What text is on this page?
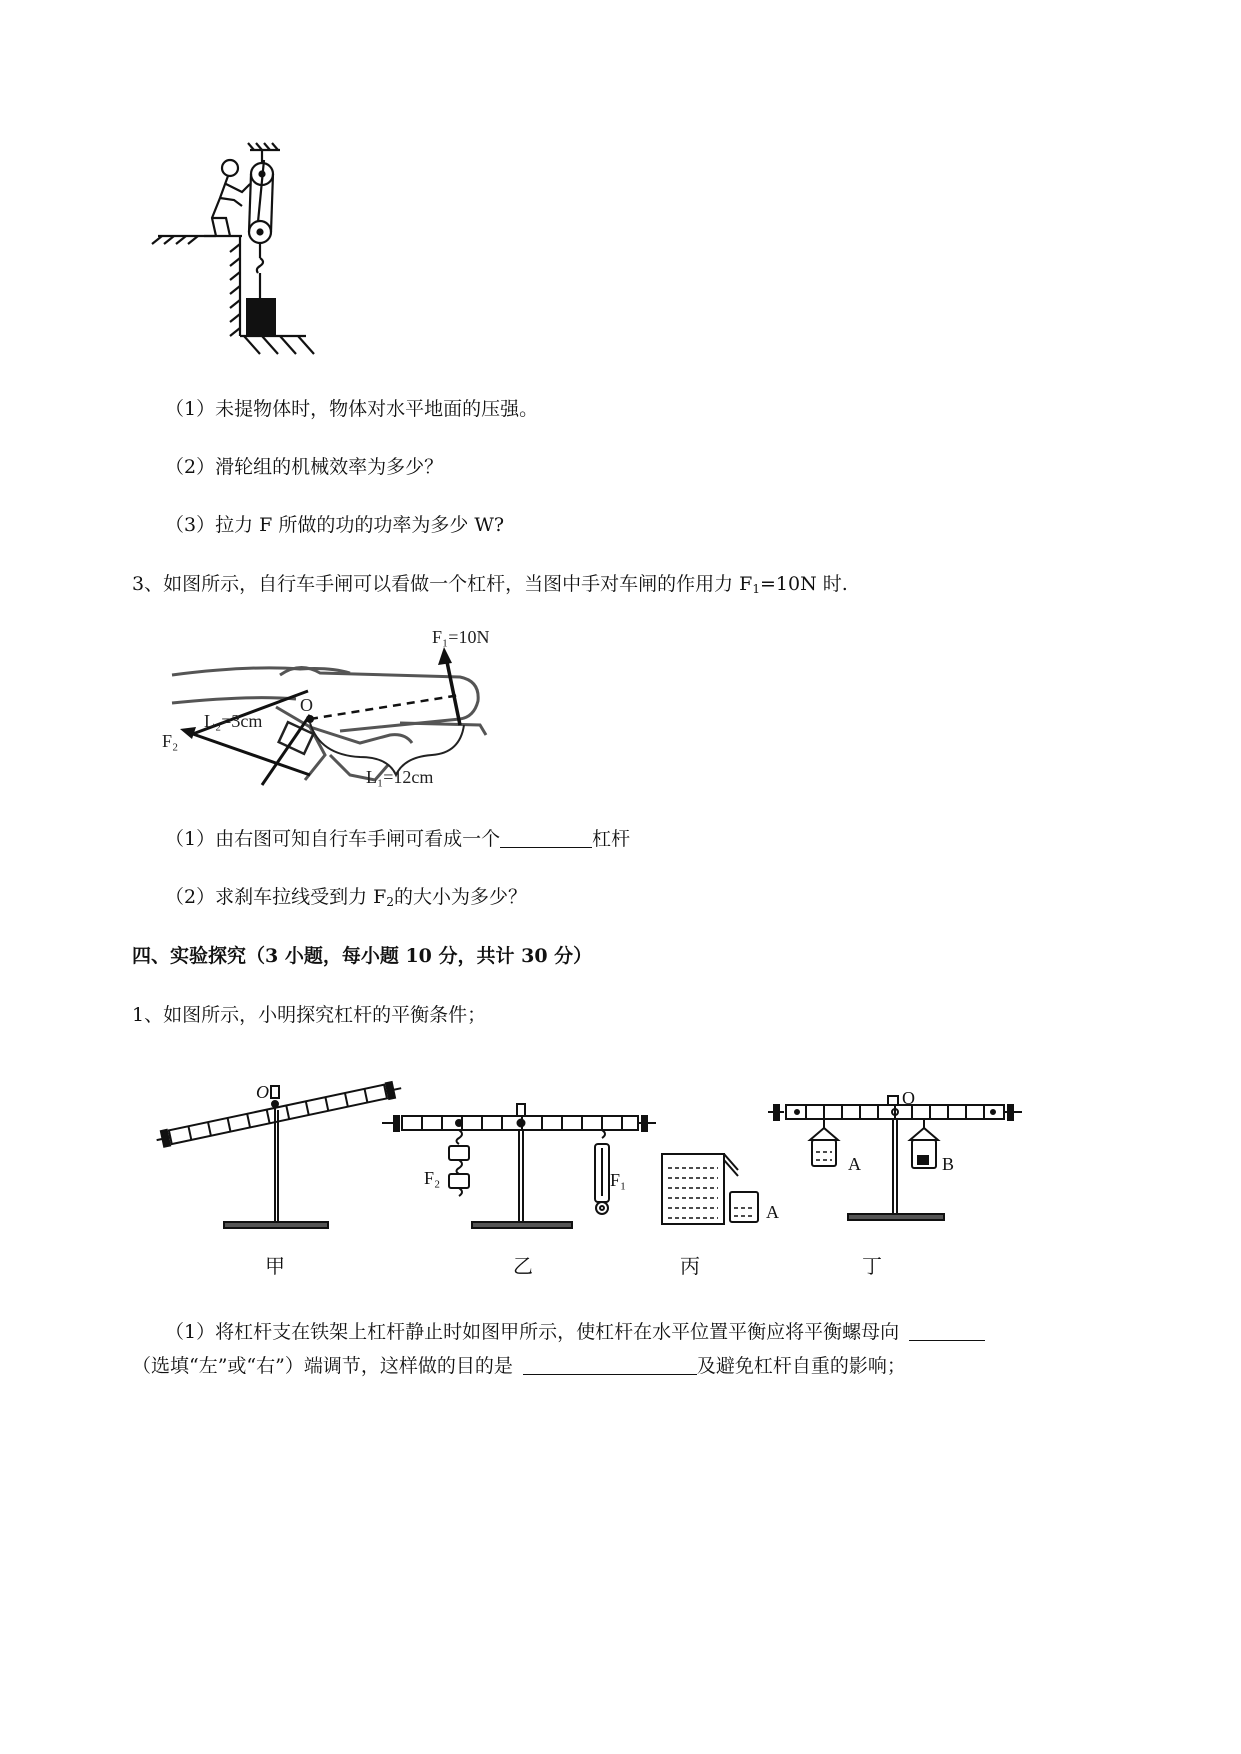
（1）未提物体时，物体对水平地面的压强。
（2）滑轮组的机械效率为多少？
（3）拉力 F 所做的功的功率为多少 W?
3、如图所示，自行车手闸可以看做一个杠杆，当图中手对车闸的作用力 $F_1=10N$ 时.
F₁=10N
O
L₂=3cm
F₂
L₁=12cm
（1）由右图可知自行车手闸可看成一个	杠杆
（2）求刹车拉线受到力 $F_2$的大小为多少？
四、实验探究（3 小题，每小题 10 分，共计 30 分）
1、如图所示，小明探究杠杆的平衡条件；
O
F₂	F₁
A
O
A	B
甲	乙	丙	丁
（1）将杠杆支在铁架上杠杆静止时如图甲所示，使杠杆在水平位置平衡应将平衡螺母向
（选填“左”或“右”）端调节，这样做的目的是	及避免杠杆自重的影响；
